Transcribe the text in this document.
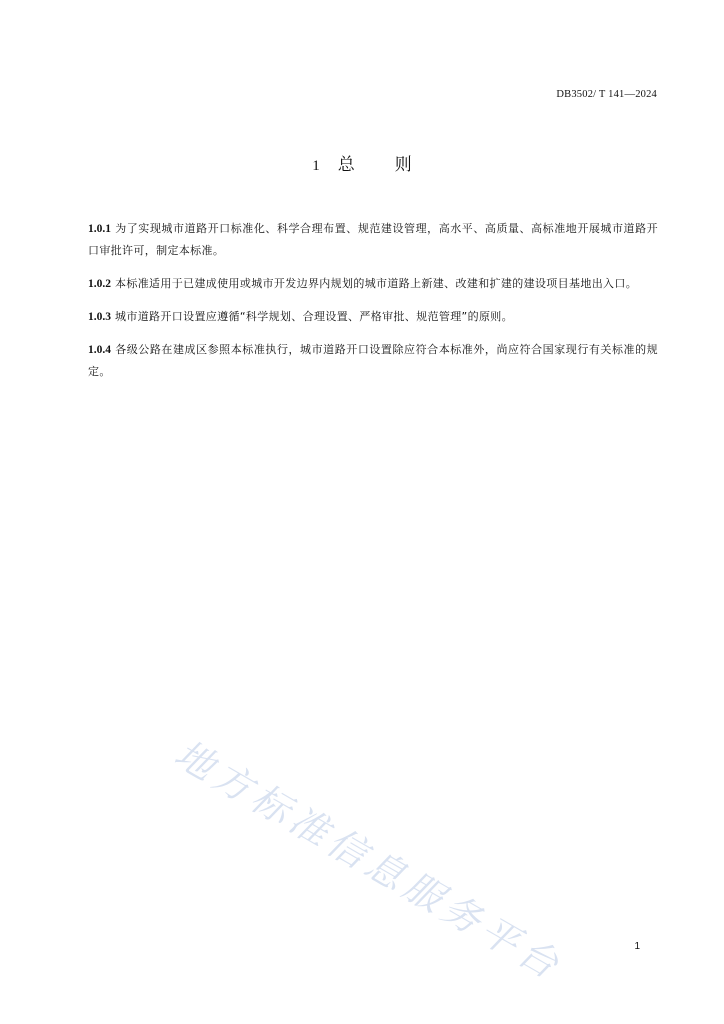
DB3502/ T 141—2024
1 总 则

1.0.1 为了实现城市道路开口标准化、科学合理布置、规范建设管理，高水平、高质量、高标准地开展城市道路开口审批许可，制定本标准。

1.0.2 本标准适用于已建成使用或城市开发边界内规划的城市道路上新建、改建和扩建的建设项目基地出入口。

1.0.3 城市道路开口设置应遵循“科学规划、合理设置、严格审批、规范管理”的原则。

1.0.4 各级公路在建成区参照本标准执行，城市道路开口设置除应符合本标准外，尚应符合国家现行有关标准的规定。

地方标准信息服务平台	1
